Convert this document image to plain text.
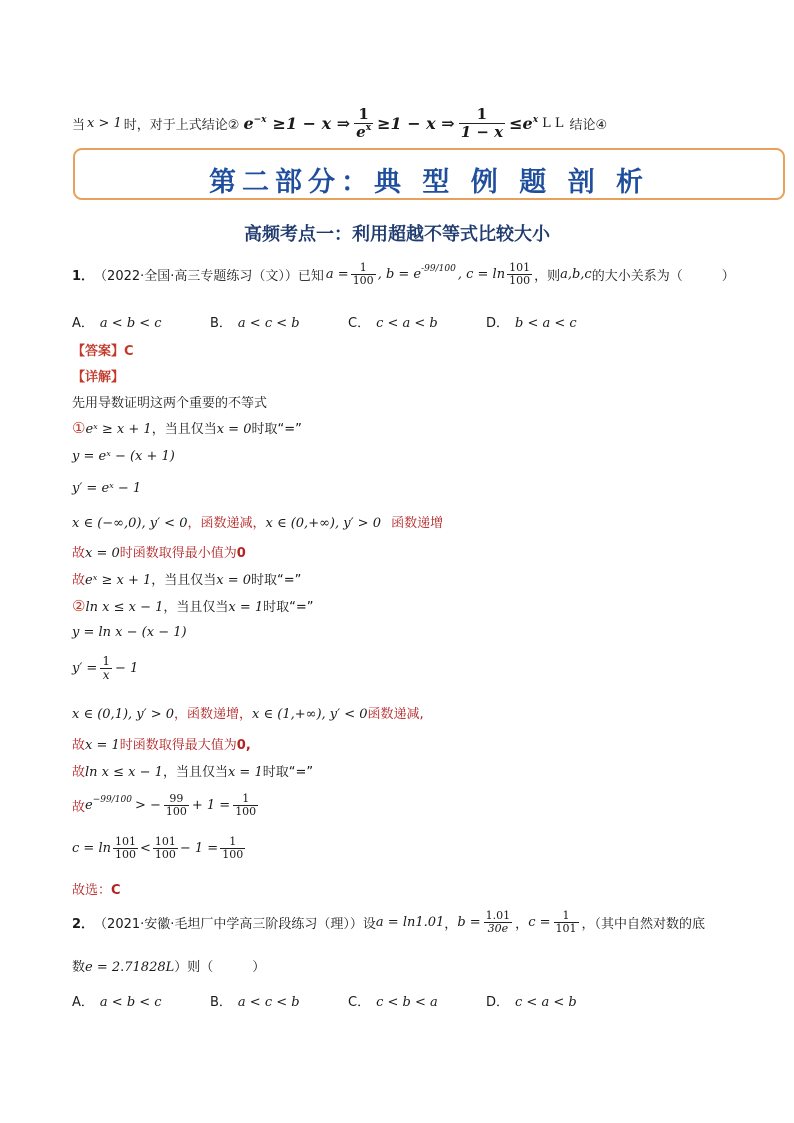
当 x > 1 时，对于上式结论② $e^{-x} \ge 1 - x$ ⇒ $\frac{1}{e^x} \ge 1 - x$ ⇒ $\frac{1}{1 - x} \le e^x$ L L 结论④
第二部分：典 型 例 题 剖 析
高频考点一：利用超越不等式比较大小
1． （2022·全国·高三专题练习（文））已知 $a = \frac{1}{100}$ , $b = e^{-99/100}$ , $c = \ln \frac{101}{100}$ ，则 a,b,c 的大小关系为（　　　）
A． a < b < c	B． a < c < b	C． c < a < b	D． b < a < c
【答案】C
【详解】
先用导数证明这两个重要的不等式
①eˣ ≥ x + 1，当且仅当x = 0时取“=”
y = eˣ − (x + 1)
y′ = eˣ − 1
x ∈ (−∞,0), y′ < 0，函数递减，x ∈ (0,+∞), y′ > 0 函数递增
故x = 0时函数取得最小值为0
故eˣ ≥ x + 1，当且仅当x = 0时取“=”
②ln x ≤ x − 1，当且仅当x = 1时取“=”
y = ln x − (x − 1)
$y' = \frac{1}{x} - 1$
x ∈ (0,1), y′ > 0，函数递增，x ∈ (1,+∞), y′ < 0函数递减,
故x = 1时函数取得最大值为0,
故ln x ≤ x − 1，当且仅当x = 1时取“=”
故 $e^{-99/100}$ > − $\frac{99}{100} + 1 = \frac{1}{100}$
$c = \ln \frac{101}{100} < \frac{101}{100} - 1 = \frac{1}{100}$
故选：C
2． （2021·安徽·毛坦厂中学高三阶段练习（理））设 a = ln1.01 ， $b = \frac{1.01}{30e}$ ， $c = \frac{1}{101}$ ，（其中自然对数的底
数e = 2.71828L）则（　　　）
A． a < b < c	B． a < c < b	C． c < b < a	D． c < a < b
